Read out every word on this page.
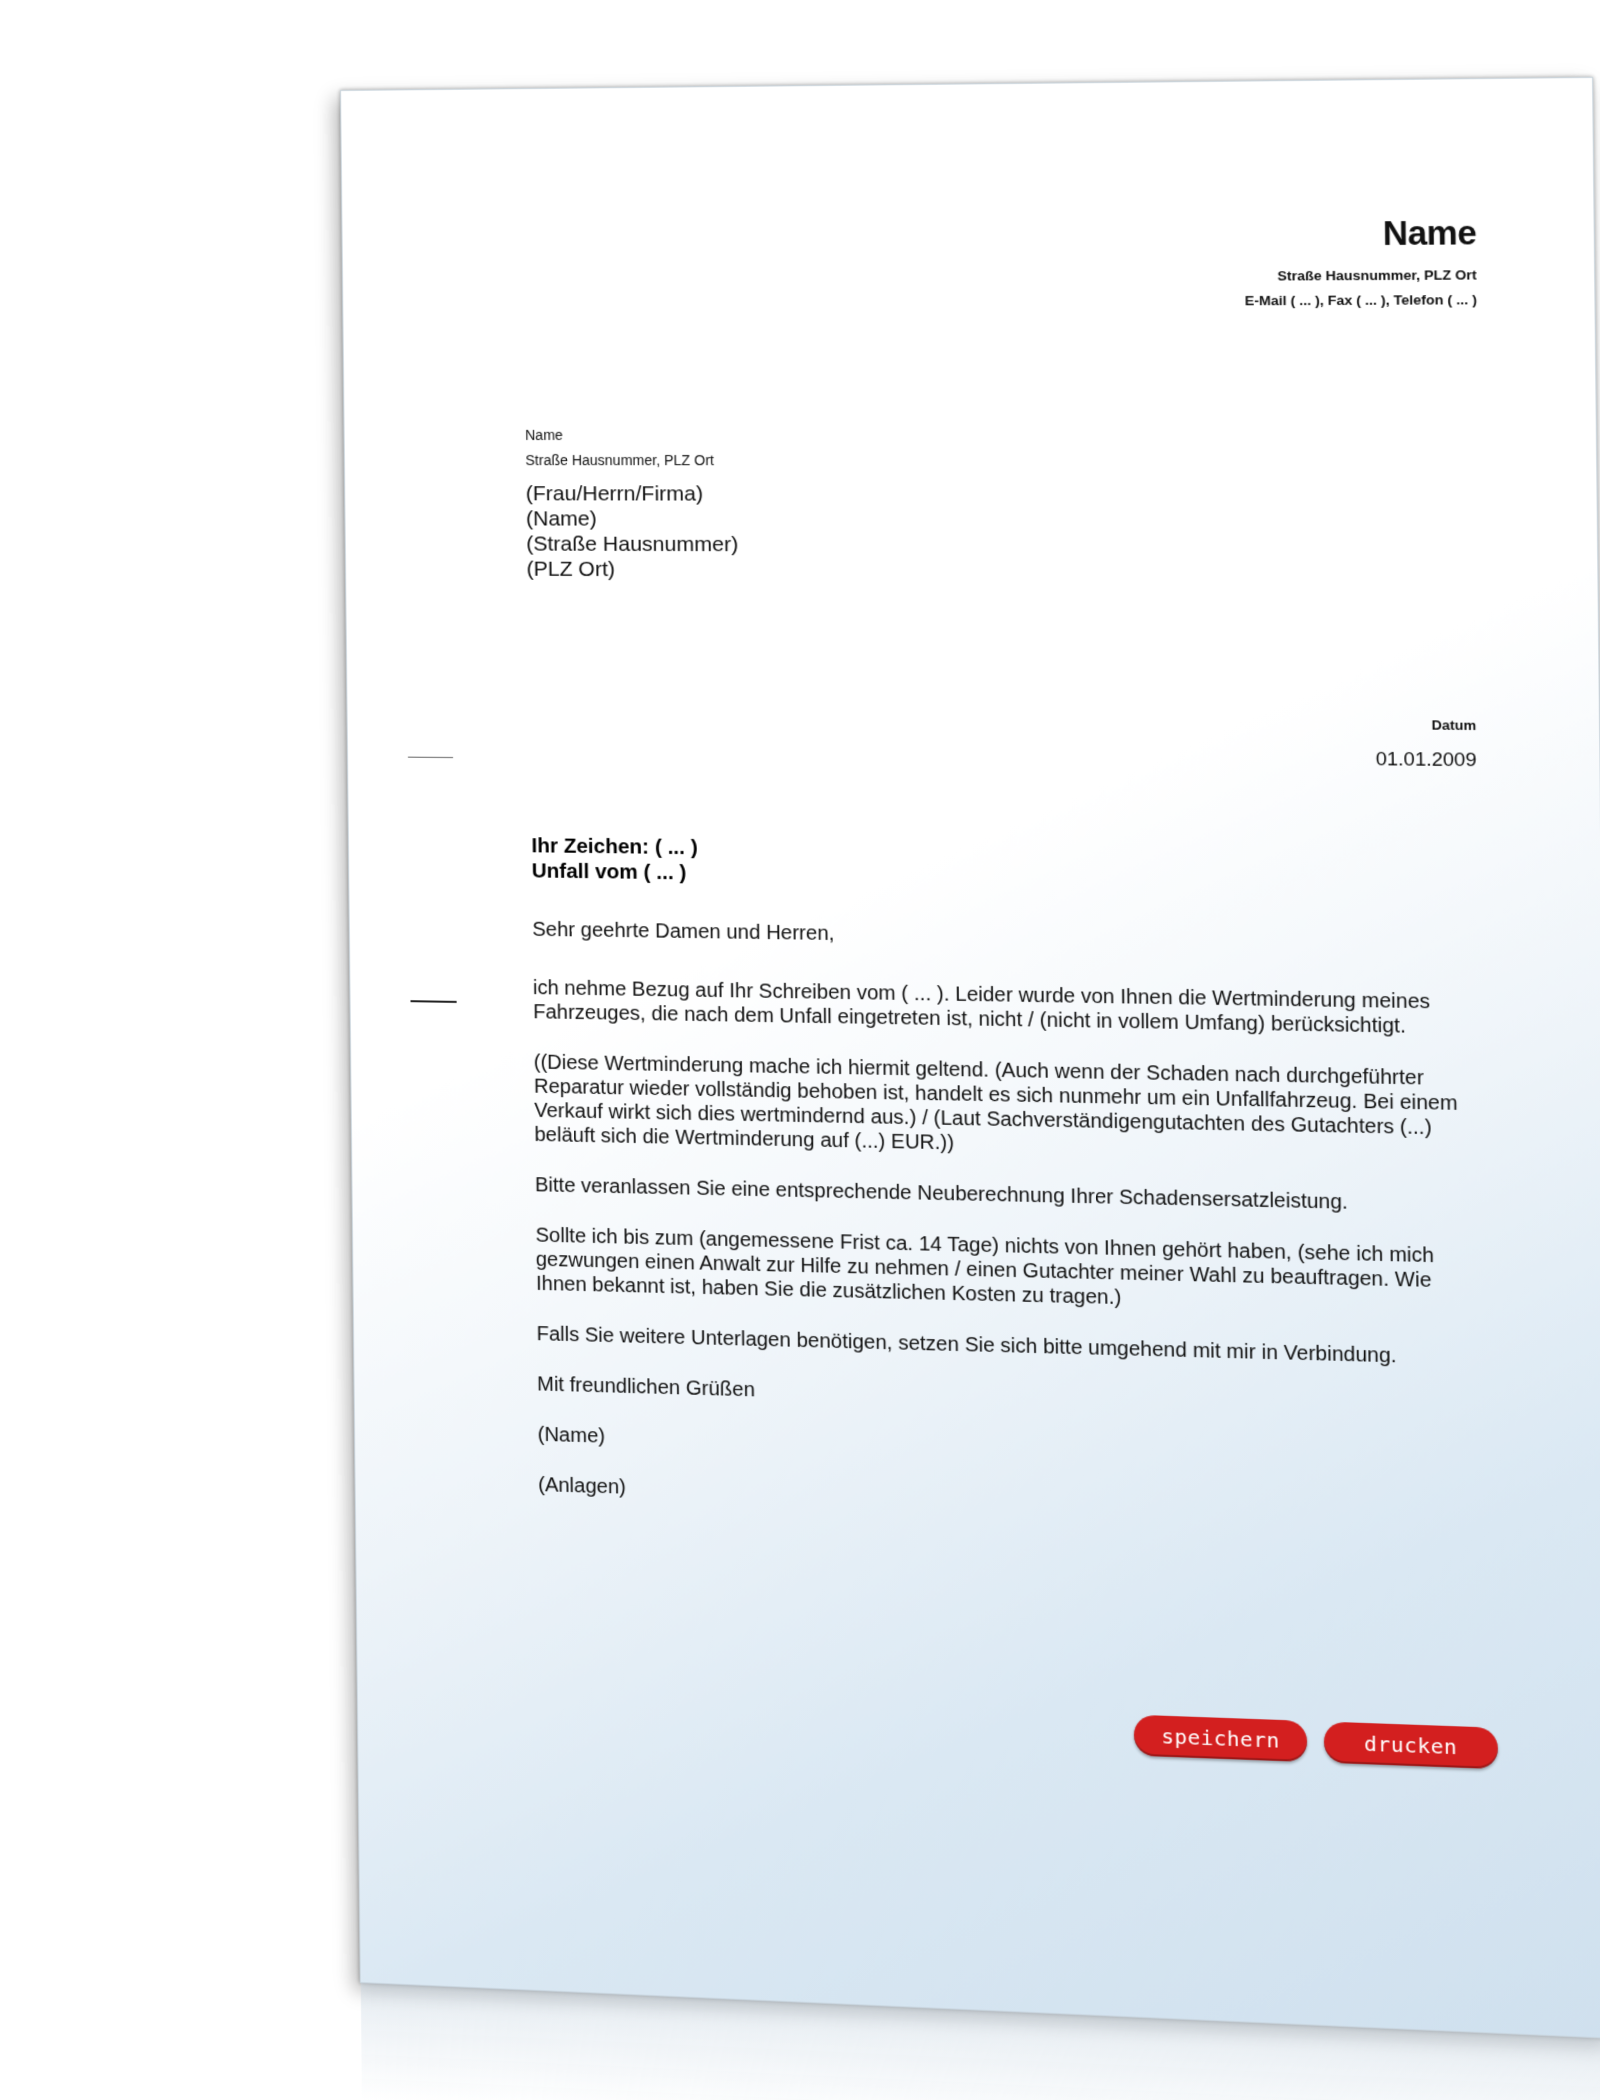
Name
Straße Hausnummer, PLZ Ort
E-Mail ( ... ), Fax ( ... ), Telefon ( ... )
Name
Straße Hausnummer, PLZ Ort
(Frau/Herrn/Firma)
(Name)
(Straße Hausnummer)
(PLZ Ort)
Datum
01.01.2009
Ihr Zeichen: ( ... )
Unfall vom ( ... )

Sehr geehrte Damen und Herren,

ich nehme Bezug auf Ihr Schreiben vom ( ... ). Leider wurde von Ihnen die Wertminderung meines Fahrzeuges, die nach dem Unfall eingetreten ist, nicht / (nicht in vollem Umfang) berücksichtigt.

((Diese Wertminderung mache ich hiermit geltend. (Auch wenn der Schaden nach durchgeführter Reparatur wieder vollständig behoben ist, handelt es sich nunmehr um ein Unfallfahrzeug. Bei einem Verkauf wirkt sich dies wertmindernd aus.) / (Laut Sachverständigengutachten des Gutachters (...) beläuft sich die Wertminderung auf (...) EUR.))

Bitte veranlassen Sie eine entsprechende Neuberechnung Ihrer Schadensersatzleistung.

Sollte ich bis zum (angemessene Frist ca. 14 Tage) nichts von Ihnen gehört haben, (sehe ich mich gezwungen einen Anwalt zur Hilfe zu nehmen / einen Gutachter meiner Wahl zu beauftragen. Wie Ihnen bekannt ist, haben Sie die zusätzlichen Kosten zu tragen.)

Falls Sie weitere Unterlagen benötigen, setzen Sie sich bitte umgehend mit mir in Verbindung.

Mit freundlichen Grüßen

(Name)

(Anlagen)

speichern	drucken
